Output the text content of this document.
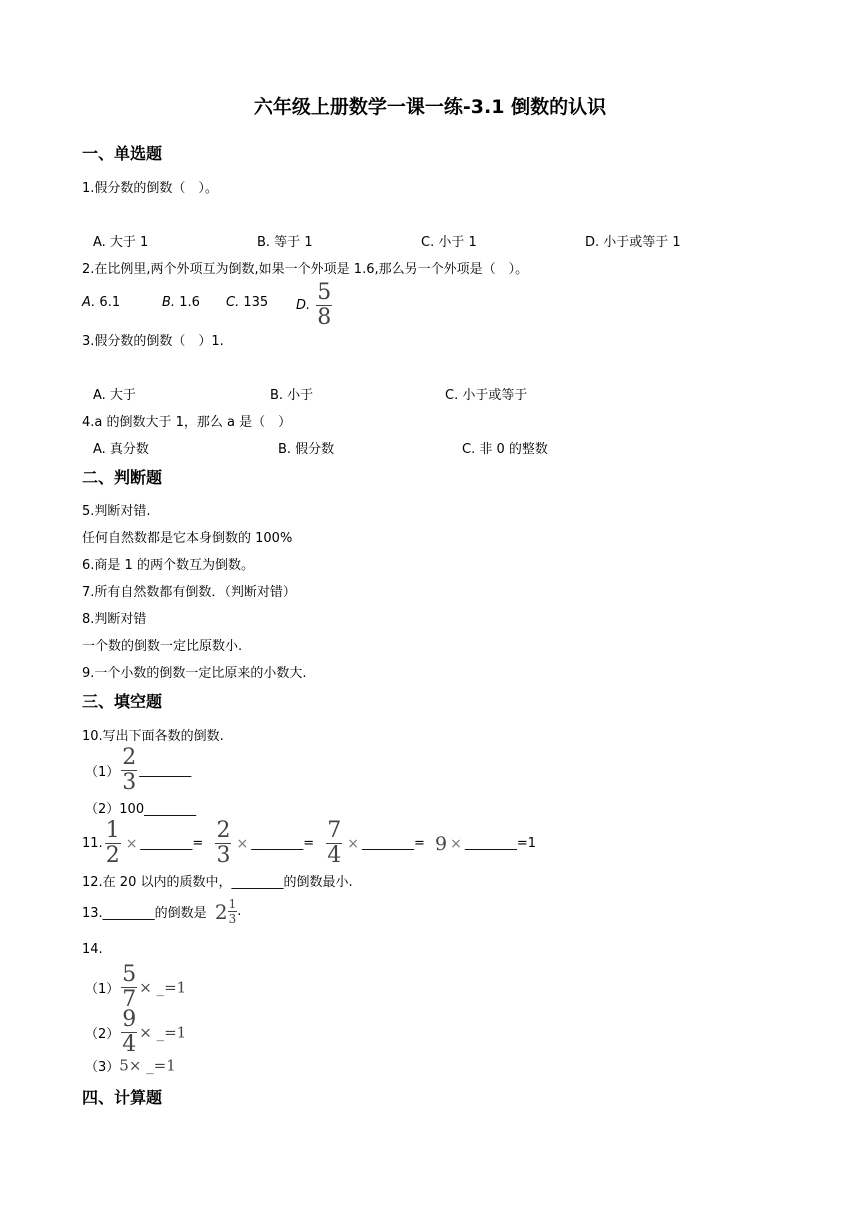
六年级上册数学一课一练-3.1 倒数的认识
一、单选题
1.假分数的倒数（　）。
A. 大于 1	B. 等于 1	C. 小于 1	D. 小于或等于 1
2.在比例里,两个外项互为倒数,如果一个外项是 1.6,那么另一个外项是（　）。
A. 6.1	B. 1.6 C. 135 D. $\frac{5}{8}$
3.假分数的倒数（　）1.
A. 大于	B. 小于	C. 小于或等于
4.a 的倒数大于 1，那么 a 是（　）
A. 真分数	B. 假分数	C. 非 0 的整数
二、判断题
5.判断对错.
任何自然数都是它本身倒数的 100%
6.商是 1 的两个数互为倒数。
7.所有自然数都有倒数．（判断对错）
8.判断对错
一个数的倒数一定比原数小.
9.一个小数的倒数一定比原来的小数大.
三、填空题
10.写出下面各数的倒数.
$(1) \frac{2}{3}$ ________
（2）100________
11. $\frac{1}{2}$ × ________= $\frac{2}{3}$ × ________= $\frac{7}{4}$ × ________= 9 × ________=1
12.在 20 以内的质数中，________的倒数最小.
13.________的倒数是 $2 \frac{1}{3}$ .
14.
$(1) \frac{5}{7}$ × _=1
$(2) \frac{9}{4}$ × _=1
（3）5× _=1
四、计算题
